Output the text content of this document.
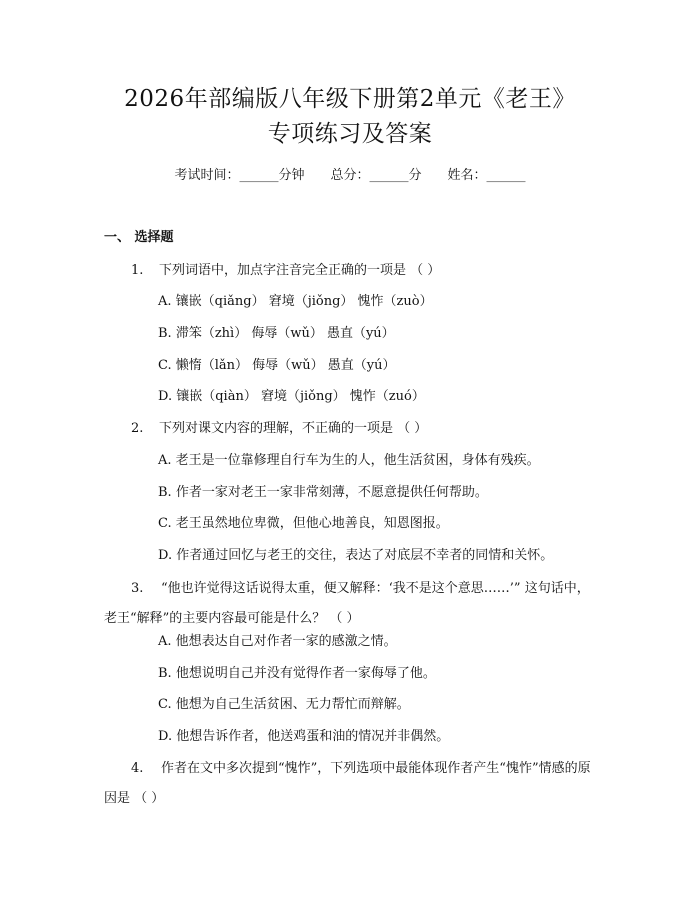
2026年部编版八年级下册第2单元《老王》
专项练习及答案
考试时间：______分钟 总分：______分 姓名：______
一、 选择题
1. 下列词语中，加点字注音完全正确的一项是 （ ）
A. 镶嵌（qiǎng） 窘境（jiǒng） 愧怍（zuò）
B. 滞笨（zhì） 侮辱（wǔ） 愚直（yú）
C. 懒惰（lǎn） 侮辱（wǔ） 愚直（yú）
D. 镶嵌（qiàn） 窘境（jiǒng） 愧怍（zuó）
2. 下列对课文内容的理解，不正确的一项是 （ ）
A. 老王是一位靠修理自行车为生的人，他生活贫困，身体有残疾。
B. 作者一家对老王一家非常刻薄，不愿意提供任何帮助。
C. 老王虽然地位卑微，但他心地善良，知恩图报。
D. 作者通过回忆与老王的交往，表达了对底层不幸者的同情和关怀。
3. “他也许觉得这话说得太重，便又解释：‘我不是这个意思……’” 这句话中，老王“解释”的主要内容最可能是什么？ （ ）
A. 他想表达自己对作者一家的感激之情。
B. 他想说明自己并没有觉得作者一家侮辱了他。
C. 他想为自己生活贫困、无力帮忙而辩解。
D. 他想告诉作者，他送鸡蛋和油的情况并非偶然。
4. 作者在文中多次提到“愧怍”，下列选项中最能体现作者产生“愧怍”情感的原因是 （ ）
